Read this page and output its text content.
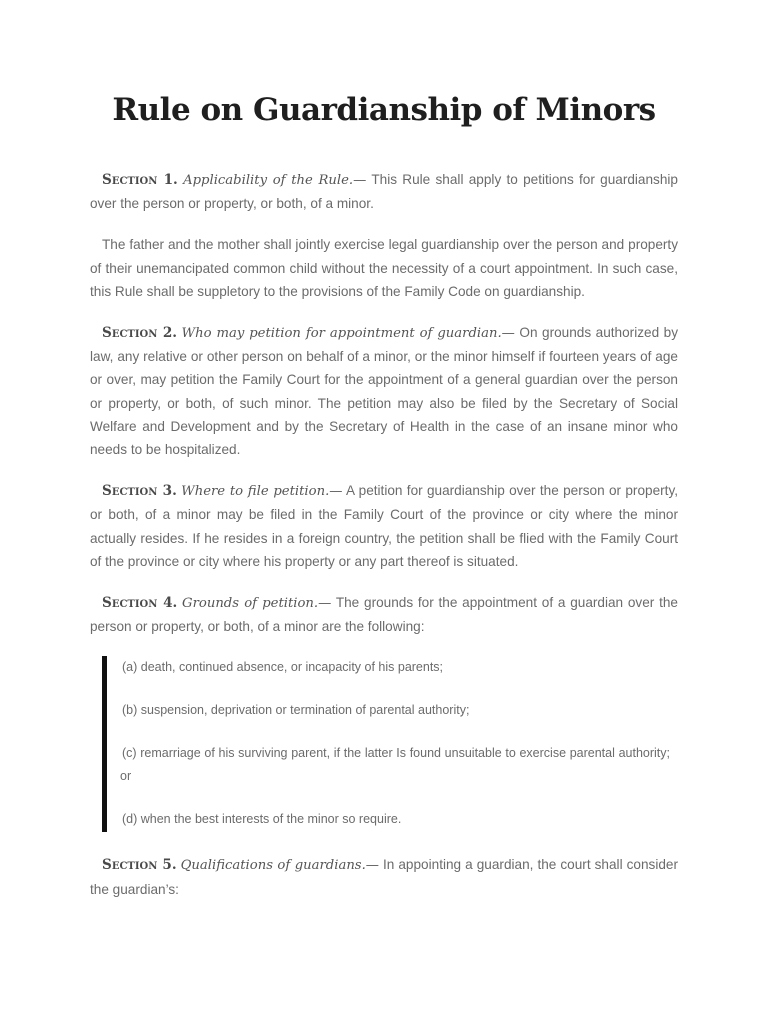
Rule on Guardianship of Minors

Section 1. Applicability of the Rule.— This Rule shall apply to petitions for guardianship over the person or property, or both, of a minor.

The father and the mother shall jointly exercise legal guardianship over the person and property of their unemancipated common child without the necessity of a court appointment. In such case, this Rule shall be suppletory to the provisions of the Family Code on guardianship.

Section 2. Who may petition for appointment of guardian.— On grounds authorized by law, any relative or other person on behalf of a minor, or the minor himself if fourteen years of age or over, may petition the Family Court for the appointment of a general guardian over the person or property, or both, of such minor. The petition may also be filed by the Secretary of Social Welfare and Development and by the Secretary of Health in the case of an insane minor who needs to be hospitalized.

Section 3. Where to file petition.— A petition for guardianship over the person or property, or both, of a minor may be filed in the Family Court of the province or city where the minor actually resides. If he resides in a foreign country, the petition shall be flied with the Family Court of the province or city where his property or any part thereof is situated.

Section 4. Grounds of petition.— The grounds for the appointment of a guardian over the person or property, or both, of a minor are the following:

(a) death, continued absence, or incapacity of his parents;

(b) suspension, deprivation or termination of parental authority;

(c) remarriage of his surviving parent, if the latter Is found unsuitable to exercise parental authority; or

(d) when the best interests of the minor so require.

Section 5. Qualifications of guardians.— In appointing a guardian, the court shall consider the guardian’s:
